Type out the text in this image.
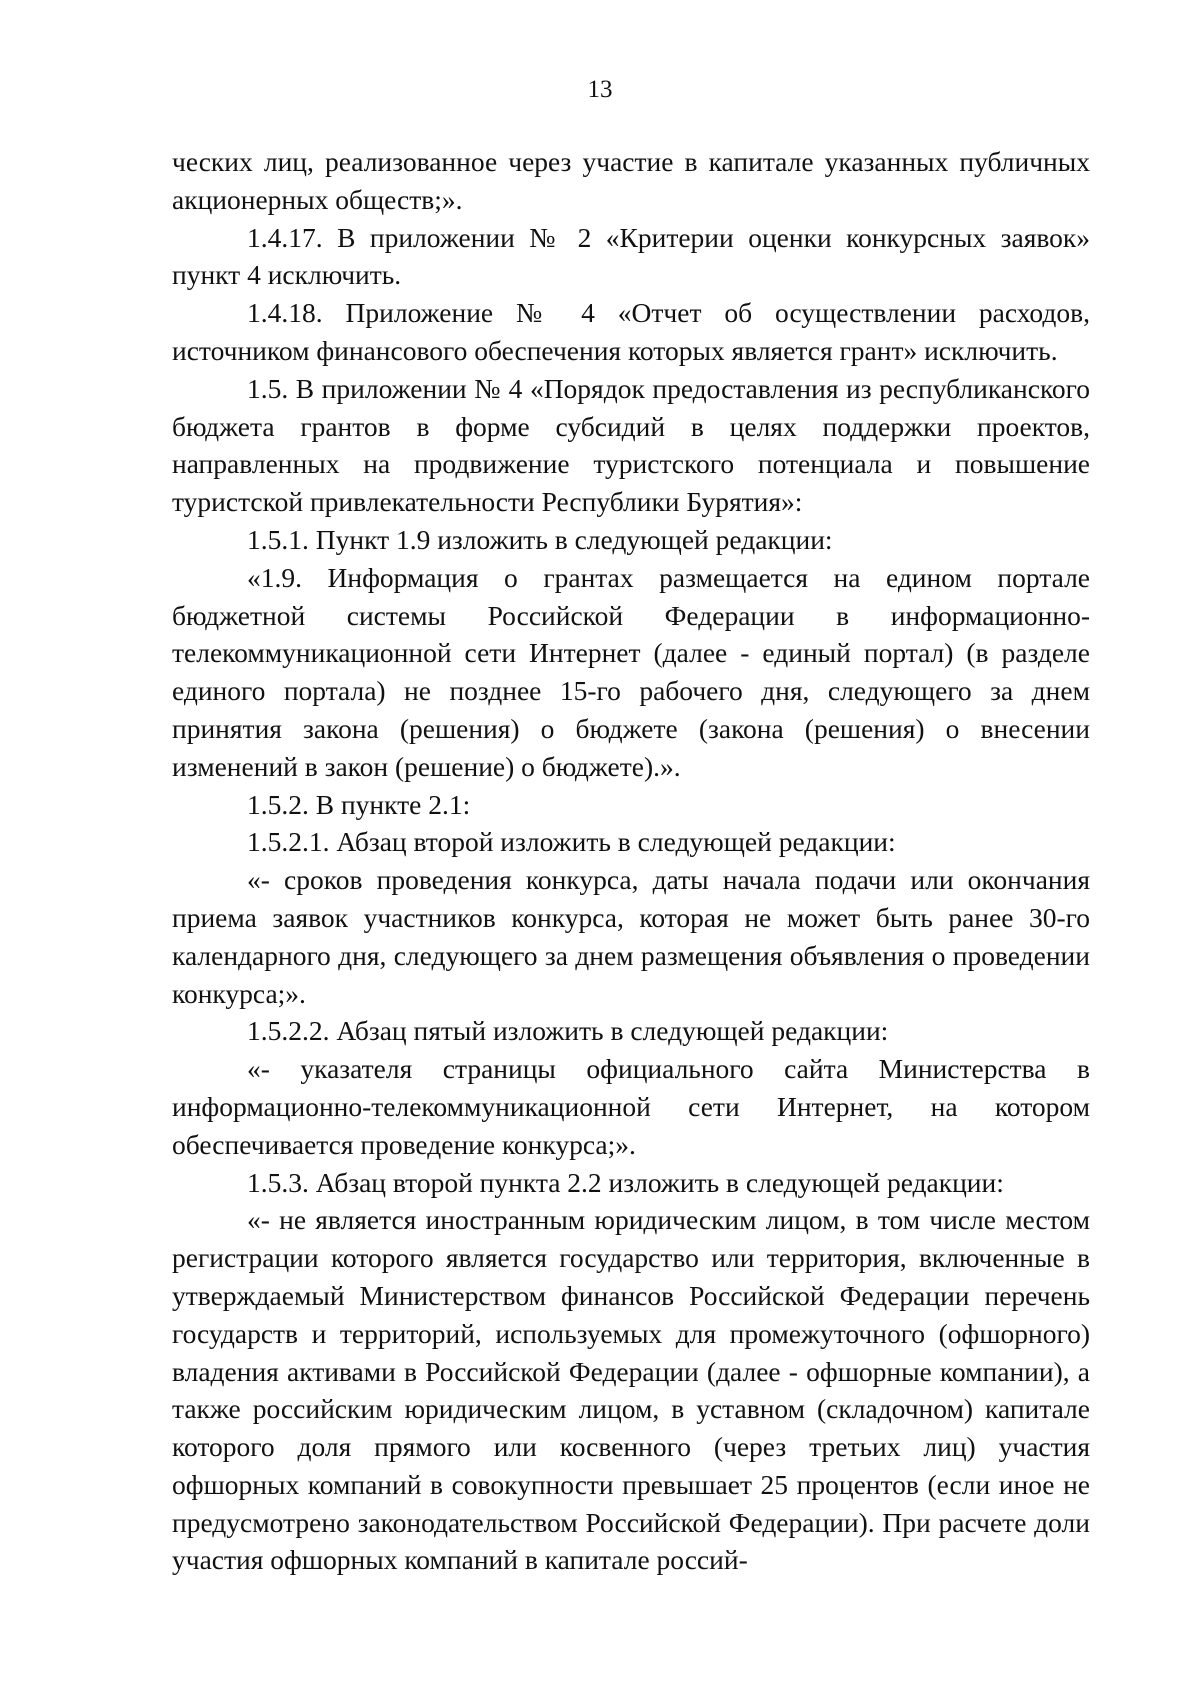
13

ческих лиц, реализованное через участие в капитале указанных публичных акционерных обществ;».

1.4.17. В приложении № 2 «Критерии оценки конкурсных заявок» пункт 4 исключить.

1.4.18. Приложение № 4 «Отчет об осуществлении расходов, источником финансового обеспечения которых является грант» исключить.

1.5. В приложении № 4 «Порядок предоставления из республиканского бюджета грантов в форме субсидий в целях поддержки проектов, направленных на продвижение туристского потенциала и повышение туристской привлекательности Республики Бурятия»:

1.5.1. Пункт 1.9 изложить в следующей редакции:

«1.9. Информация о грантах размещается на едином портале бюджетной системы Российской Федерации в информационно-телекоммуникационной сети Интернет (далее - единый портал) (в разделе единого портала) не позднее 15-го рабочего дня, следующего за днем принятия закона (решения) о бюджете (закона (решения) о внесении изменений в закон (решение) о бюджете).».

1.5.2. В пункте 2.1:

1.5.2.1. Абзац второй изложить в следующей редакции:

«- сроков проведения конкурса, даты начала подачи или окончания приема заявок участников конкурса, которая не может быть ранее 30-го календарного дня, следующего за днем размещения объявления о проведении конкурса;».

1.5.2.2. Абзац пятый изложить в следующей редакции:

«- указателя страницы официального сайта Министерства в информационно-телекоммуникационной сети Интернет, на котором обеспечивается проведение конкурса;».

1.5.3. Абзац второй пункта 2.2 изложить в следующей редакции:

«- не является иностранным юридическим лицом, в том числе местом регистрации которого является государство или территория, включенные в утверждаемый Министерством финансов Российской Федерации перечень государств и территорий, используемых для промежуточного (офшорного) владения активами в Российской Федерации (далее - офшорные компании), а также российским юридическим лицом, в уставном (складочном) капитале которого доля прямого или косвенного (через третьих лиц) участия офшорных компаний в совокупности превышает 25 процентов (если иное не предусмотрено законодательством Российской Федерации). При расчете доли участия офшорных компаний в капитале россий-
